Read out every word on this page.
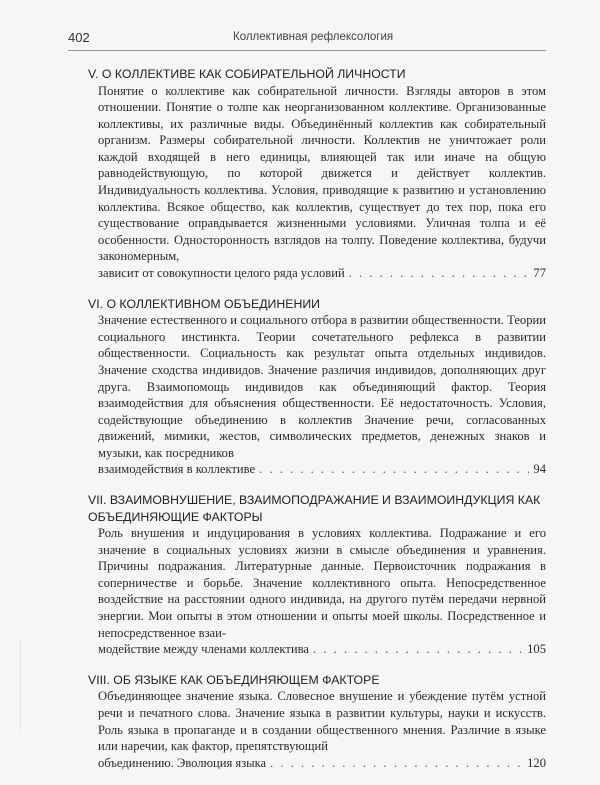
402	Коллективная рефлексология
V. О КОЛЛЕКТИВЕ КАК СОБИРАТЕЛЬНОЙ ЛИЧНОСТИ
Понятие о коллективе как собирательной личности. Взгляды авторов в этом отношении. Понятие о толпе как неорганизованном коллективе. Организованные коллективы, их различные виды. Объединённый коллектив как собирательный организм. Размеры собирательной личности. Коллектив не уничтожает роли каждой входящей в него единицы, влияющей так или иначе на общую равнодействующую, по которой движется и действует коллектив. Индивидуальность коллектива. Условия, приводящие к развитию и установлению коллектива. Всякое общество, как коллектив, существует до тех пор, пока его существование оправдывается жизненными условиями. Уличная толпа и её особенности. Односторонность взглядов на толпу. Поведение коллектива, будучи закономерным,
зависит от совокупности целого ряда условий . . .	77
VI. О КОЛЛЕКТИВНОМ ОБЪЕДИНЕНИИ
Значение естественного и социального отбора в развитии общественности. Теории социального инстинкта. Теории сочетательного рефлекса в развитии общественности. Социальность как результат опыта отдельных индивидов. Значение сходства индивидов. Значение различия индивидов, дополняющих друг друга. Взаимопомощь индивидов как объединяющий фактор. Теория взаимодействия для объяснения общественности. Её недостаточность. Условия, содействующие объединению в коллектив Значение речи, согласованных движений, мимики, жестов, символических предметов, денежных знаков и музыки, как посредников
взаимодействия в коллективе . . .	94
VII. ВЗАИМОВНУШЕНИЕ, ВЗАИМОПОДРАЖАНИЕ И ВЗАИМОИНДУКЦИЯ КАК ОБЪЕДИНЯЮЩИЕ ФАКТОРЫ
Роль внушения и индуцирования в условиях коллектива. Подражание и его значение в социальных условиях жизни в смысле объединения и уравнения. Причины подражания. Литературные данные. Первоисточник подражания в соперничестве и борьбе. Значение коллективного опыта. Непосредственное воздействие на расстоянии одного индивида, на другого путём передачи нервной энергии. Мои опыты в этом отношении и опыты моей школы. Посредственное и непосредственное взаи-
модействие между членами коллектива . . .	105
VIII. ОБ ЯЗЫКЕ КАК ОБЪЕДИНЯЮЩЕМ ФАКТОРЕ
Объединяющее значение языка. Словесное внушение и убеждение путём устной речи и печатного слова. Значение языка в развитии культуры, науки и искусств. Роль языка в пропаганде и в создании общественного мнения. Различие в языке или наречии, как фактор, препятствующий
объединению. Эволюция языка . . .	120
